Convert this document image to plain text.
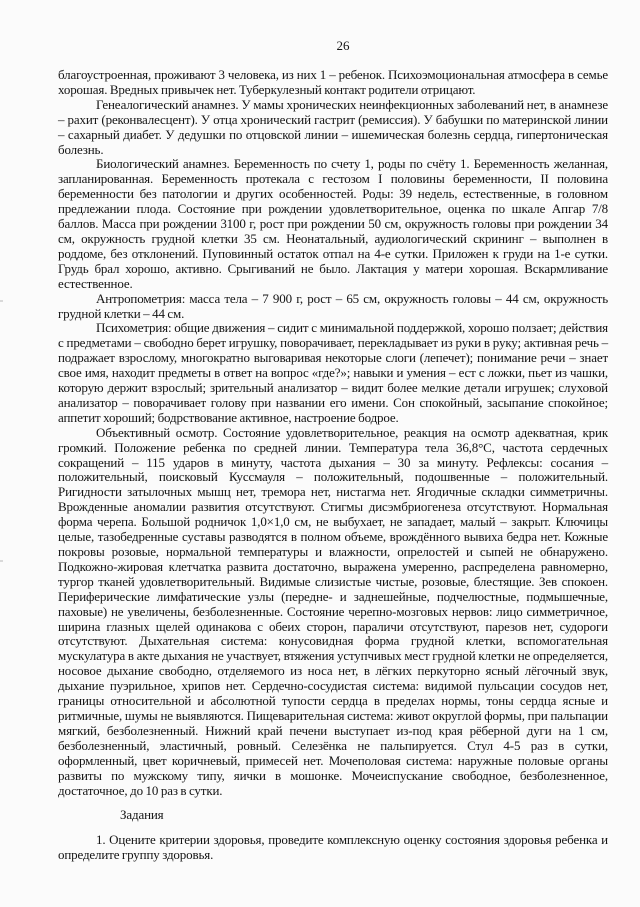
26

благоустроенная, проживают 3 человека, из них 1 – ребенок. Психоэмоциональная атмосфера в семье хорошая. Вредных привычек нет. Туберкулезный контакт родители отрицают.

Генеалогический анамнез. У мамы хронических неинфекционных заболеваний нет, в анамнезе – рахит (реконвалесцент). У отца хронический гастрит (ремиссия). У бабушки по материнской линии – сахарный диабет. У дедушки по отцовской линии – ишемическая болезнь сердца, гипертоническая болезнь.

Биологический анамнез. Беременность по счету 1, роды по счёту 1. Беременность желанная, запланированная. Беременность протекала с гестозом I половины беременности, II половина беременности без патологии и других особенностей. Роды: 39 недель, естественные, в головном предлежании плода. Состояние при рождении удовлетворительное, оценка по шкале Апгар 7/8 баллов. Масса при рождении 3100 г, рост при рождении 50 см, окружность головы при рождении 34 см, окружность грудной клетки 35 см. Неонатальный, аудиологический скрининг – выполнен в роддоме, без отклонений. Пуповинный остаток отпал на 4-е сутки. Приложен к груди на 1-е сутки. Грудь брал хорошо, активно. Срыгиваний не было. Лактация у матери хорошая. Вскармливание естественное.

Антропометрия: масса тела – 7 900 г, рост – 65 см, окружность головы – 44 см, окружность грудной клетки – 44 см.

Психометрия: общие движения – сидит с минимальной поддержкой, хорошо ползает; действия с предметами – свободно берет игрушку, поворачивает, перекладывает из руки в руку; активная речь – подражает взрослому, многократно выговаривая некоторые слоги (лепечет); понимание речи – знает свое имя, находит предметы в ответ на вопрос «где?»; навыки и умения – ест с ложки, пьет из чашки, которую держит взрослый; зрительный анализатор – видит более мелкие детали игрушек; слуховой анализатор – поворачивает голову при названии его имени. Сон спокойный, засыпание спокойное; аппетит хороший; бодрствование активное, настроение бодрое.

Объективный осмотр. Состояние удовлетворительное, реакция на осмотр адекватная, крик громкий. Положение ребенка по средней линии. Температура тела 36,8°C, частота сердечных сокращений – 115 ударов в минуту, частота дыхания – 30 за минуту. Рефлексы: сосания – положительный, поисковый Куссмауля – положительный, подошвенные – положительный. Ригидности затылочных мышц нет, тремора нет, нистагма нет. Ягодичные складки симметричны. Врожденные аномалии развития отсутствуют. Стигмы дисэмбриогенеза отсутствуют. Нормальная форма черепа. Большой родничок 1,0×1,0 см, не выбухает, не западает, малый – закрыт. Ключицы целые, тазобедренные суставы разводятся в полном объеме, врождённого вывиха бедра нет. Кожные покровы розовые, нормальной температуры и влажности, опрелостей и сыпей не обнаружено. Подкожно-жировая клетчатка развита достаточно, выражена умеренно, распределена равномерно, тургор тканей удовлетворительный. Видимые слизистые чистые, розовые, блестящие. Зев спокоен. Периферические лимфатические узлы (передне- и заднешейные, подчелюстные, подмышечные, паховые) не увеличены, безболезненные. Состояние черепно-мозговых нервов: лицо симметричное, ширина глазных щелей одинакова с обеих сторон, параличи отсутствуют, парезов нет, судороги отсутствуют. Дыхательная система: конусовидная форма грудной клетки, вспомогательная мускулатура в акте дыхания не участвует, втяжения уступчивых мест грудной клетки не определяется, носовое дыхание свободно, отделяемого из носа нет, в лёгких перкуторно ясный лёгочный звук, дыхание пуэрильное, хрипов нет. Сердечно-сосудистая система: видимой пульсации сосудов нет, границы относительной и абсолютной тупости сердца в пределах нормы, тоны сердца ясные и ритмичные, шумы не выявляются. Пищеварительная система: живот округлой формы, при пальпации мягкий, безболезненный. Нижний край печени выступает из-под края рёберной дуги на 1 см, безболезненный, эластичный, ровный. Селезёнка не пальпируется. Стул 4-5 раз в сутки, оформленный, цвет коричневый, примесей нет. Мочеполовая система: наружные половые органы развиты по мужскому типу, яички в мошонке. Мочеиспускание свободное, безболезненное, достаточное, до 10 раз в сутки.

Задания

1. Оцените критерии здоровья, проведите комплексную оценку состояния здоровья ребенка и определите группу здоровья.
